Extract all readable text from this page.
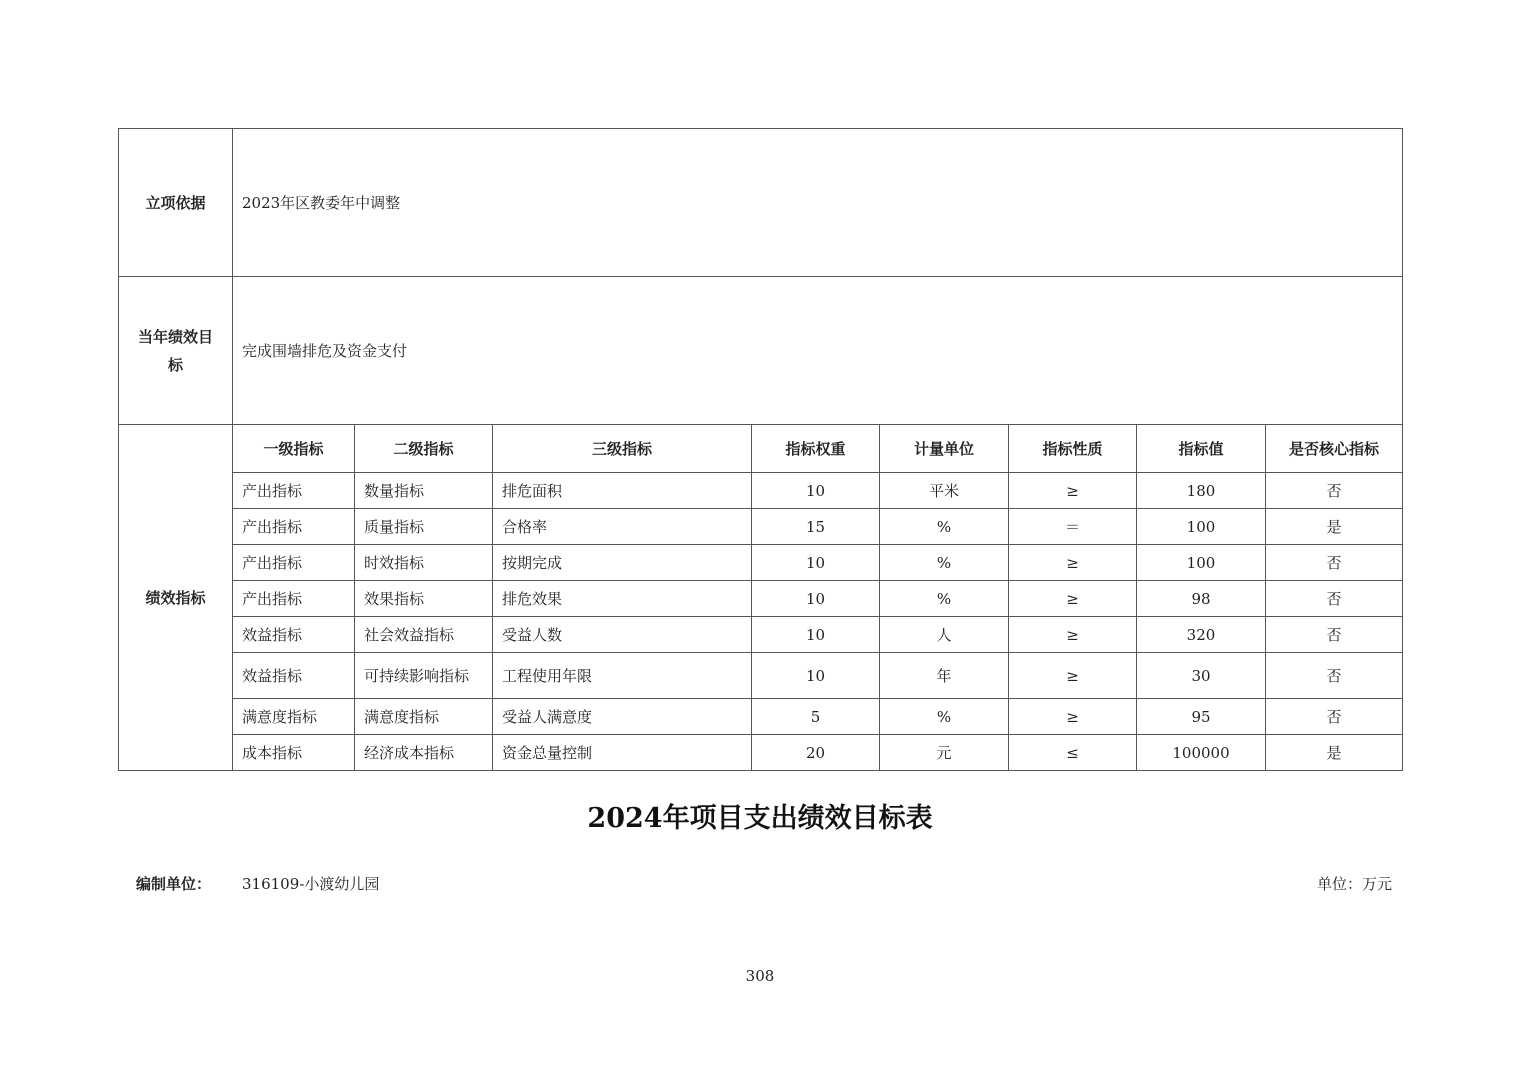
立项依据	2023年区教委年中调整							
当年绩效目标	完成围墙排危及资金支付							
绩效指标	一级指标	二级指标	三级指标	指标权重	计量单位	指标性质	指标值	是否核心指标
	产出指标	数量指标	排危面积	10	平米	≥	180	否
	产出指标	质量指标	合格率	15	%	＝	100	是
	产出指标	时效指标	按期完成	10	%	≥	100	否
	产出指标	效果指标	排危效果	10	%	≥	98	否
	效益指标	社会效益指标	受益人数	10	人	≥	320	否
	效益指标	可持续影响指标	工程使用年限	10	年	≥	30	否
	满意度指标	满意度指标	受益人满意度	5	%	≥	95	否
	成本指标	经济成本指标	资金总量控制	20	元	≤	100000	是
2024年项目支出绩效目标表
编制单位： 316109-小渡幼儿园	单位：万元
308
